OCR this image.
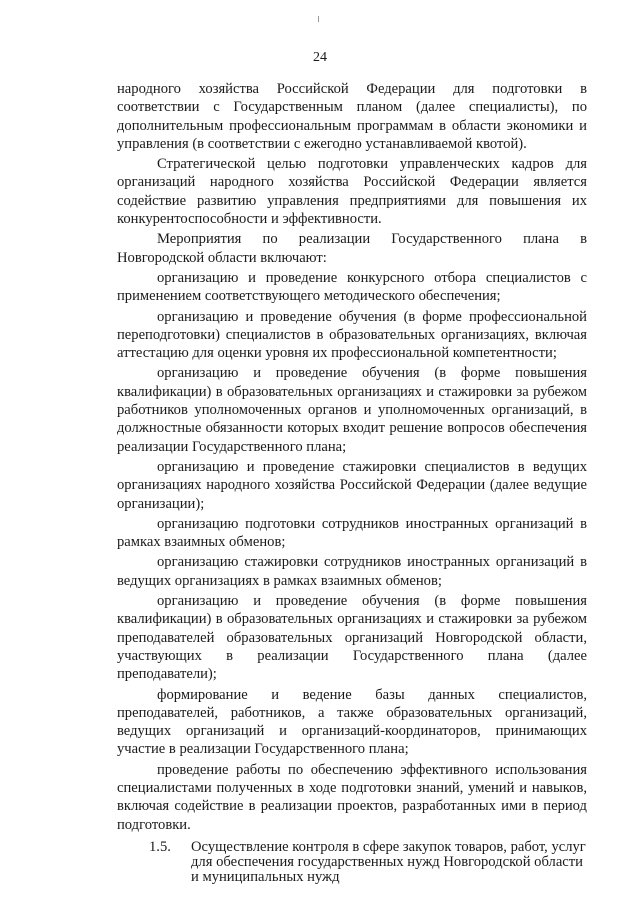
24

народного хозяйства Российской Федерации для подготовки в соответствии с Государственным планом (далее специалисты), по дополнительным профессиональным программам в области экономики и управления (в соответствии с ежегодно устанавливаемой квотой).

Стратегической целью подготовки управленческих кадров для организаций народного хозяйства Российской Федерации является содействие развитию управления предприятиями для повышения их конкурентоспособности и эффективности.

Мероприятия по реализации Государственного плана в Новгородской области включают:

организацию и проведение конкурсного отбора специалистов с применением соответствующего методического обеспечения;

организацию и проведение обучения (в форме профессиональной переподготовки) специалистов в образовательных организациях, включая аттестацию для оценки уровня их профессиональной компетентности;

организацию и проведение обучения (в форме повышения квалификации) в образовательных организациях и стажировки за рубежом работников уполномоченных органов и уполномоченных организаций, в должностные обязанности которых входит решение вопросов обеспечения реализации Государственного плана;

организацию и проведение стажировки специалистов в ведущих организациях народного хозяйства Российской Федерации (далее ведущие организации);

организацию подготовки сотрудников иностранных организаций в рамках взаимных обменов;

организацию стажировки сотрудников иностранных организаций в ведущих организациях в рамках взаимных обменов;

организацию и проведение обучения (в форме повышения квалификации) в образовательных организациях и стажировки за рубежом преподавателей образовательных организаций Новгородской области, участвующих в реализации Государственного плана (далее преподаватели);

формирование и ведение базы данных специалистов, преподавателей, работников, а также образовательных организаций, ведущих организаций и организаций-координаторов, принимающих участие в реализации Государственного плана;

проведение работы по обеспечению эффективного использования специалистами полученных в ходе подготовки знаний, умений и навыков, включая содействие в реализации проектов, разработанных ими в период подготовки.

1.5.	Осуществление контроля в сфере закупок товаров, работ, услуг для обеспечения государственных нужд Новгородской области и муниципальных нужд
